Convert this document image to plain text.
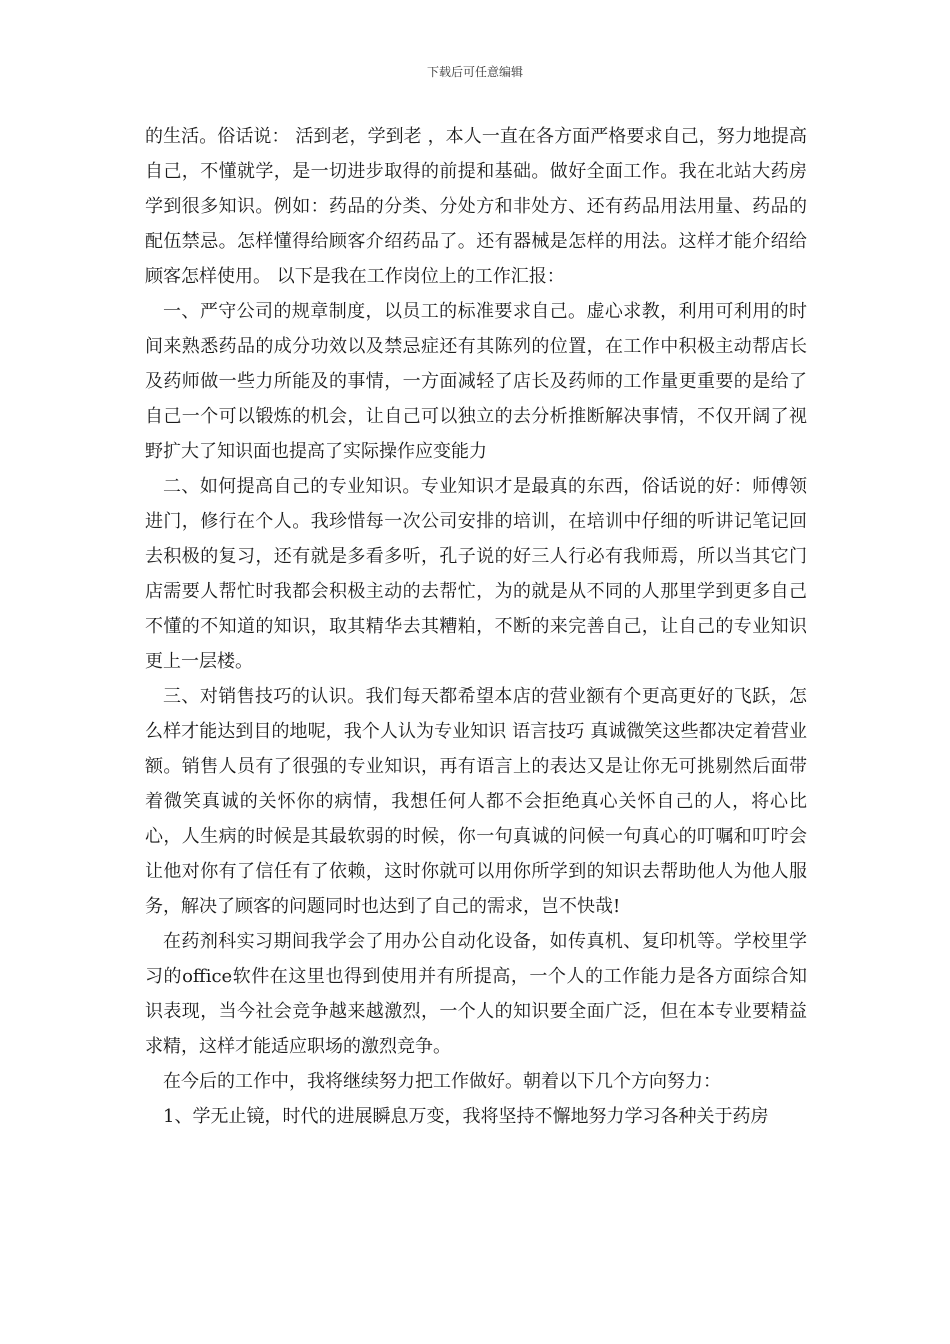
下载后可任意编辑

的生活。俗话说： 活到老，学到老 ，本人一直在各方面严格要求自己，努力地提高自己，不懂就学，是一切进步取得的前提和基础。做好全面工作。我在北站大药房学到很多知识。例如：药品的分类、分处方和非处方、还有药品用法用量、药品的配伍禁忌。怎样懂得给顾客介绍药品了。还有器械是怎样的用法。这样才能介绍给顾客怎样使用。 以下是我在工作岗位上的工作汇报：

一、严守公司的规章制度，以员工的标准要求自己。虚心求教，利用可利用的时间来熟悉药品的成分功效以及禁忌症还有其陈列的位置，在工作中积极主动帮店长及药师做一些力所能及的事情，一方面减轻了店长及药师的工作量更重要的是给了自己一个可以锻炼的机会，让自己可以独立的去分析推断解决事情，不仅开阔了视野扩大了知识面也提高了实际操作应变能力

二、如何提高自己的专业知识。专业知识才是最真的东西，俗话说的好：师傅领进门，修行在个人。我珍惜每一次公司安排的培训，在培训中仔细的听讲记笔记回去积极的复习，还有就是多看多听，孔子说的好三人行必有我师焉，所以当其它门店需要人帮忙时我都会积极主动的去帮忙，为的就是从不同的人那里学到更多自己不懂的不知道的知识，取其精华去其糟粕，不断的来完善自己，让自己的专业知识更上一层楼。

三、对销售技巧的认识。我们每天都希望本店的营业额有个更高更好的飞跃，怎么样才能达到目的地呢，我个人认为专业知识 语言技巧 真诚微笑这些都决定着营业额。销售人员有了很强的专业知识，再有语言上的表达又是让你无可挑剔然后面带着微笑真诚的关怀你的病情，我想任何人都不会拒绝真心关怀自己的人，将心比心，人生病的时候是其最软弱的时候，你一句真诚的问候一句真心的叮嘱和叮咛会让他对你有了信任有了依赖，这时你就可以用你所学到的知识去帮助他人为他人服务，解决了顾客的问题同时也达到了自己的需求，岂不快哉!

在药剂科实习期间我学会了用办公自动化设备，如传真机、复印机等。学校里学习的office软件在这里也得到使用并有所提高，一个人的工作能力是各方面综合知识表现，当今社会竞争越来越激烈，一个人的知识要全面广泛，但在本专业要精益求精，这样才能适应职场的激烈竞争。

在今后的工作中，我将继续努力把工作做好。朝着以下几个方向努力：

1、学无止镜，时代的进展瞬息万变，我将坚持不懈地努力学习各种关于药房
